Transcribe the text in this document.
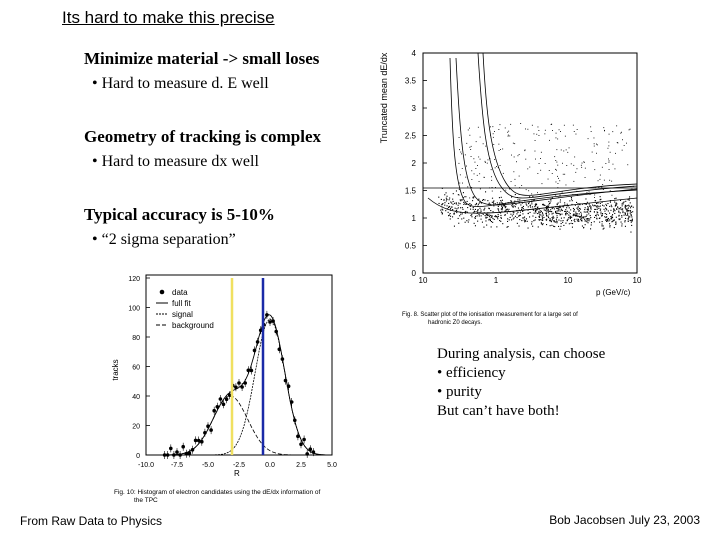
Its hard to make this precise
Minimize material -> small loses
• Hard to measure d. E well
Geometry of tracking is complex
• Hard to measure dx well
Typical accuracy is 5-10%
• “2 sigma separation”
Truncated mean dE/dx	4
3.5
3
2.5
2
1.5
1
0.5
0
10	1	10	10
p (GeV/c)
Fig. 8. Scatter plot of the ionisation measurement for a large set of
hadronic Z0 decays.
tracks
120
100
80
60
40
20
0
-10.0 -7.5	-5.0	-2.5	0.0	2.5	5.0
data
full fit
signal
background
R
Fig. 10: Histogram of electron candidates using the dE/dx information of
the TPC
During analysis, can choose
• efficiency
• purity
But can’t have both!
From Raw Data to Physics	Bob Jacobsen July 23, 2003
